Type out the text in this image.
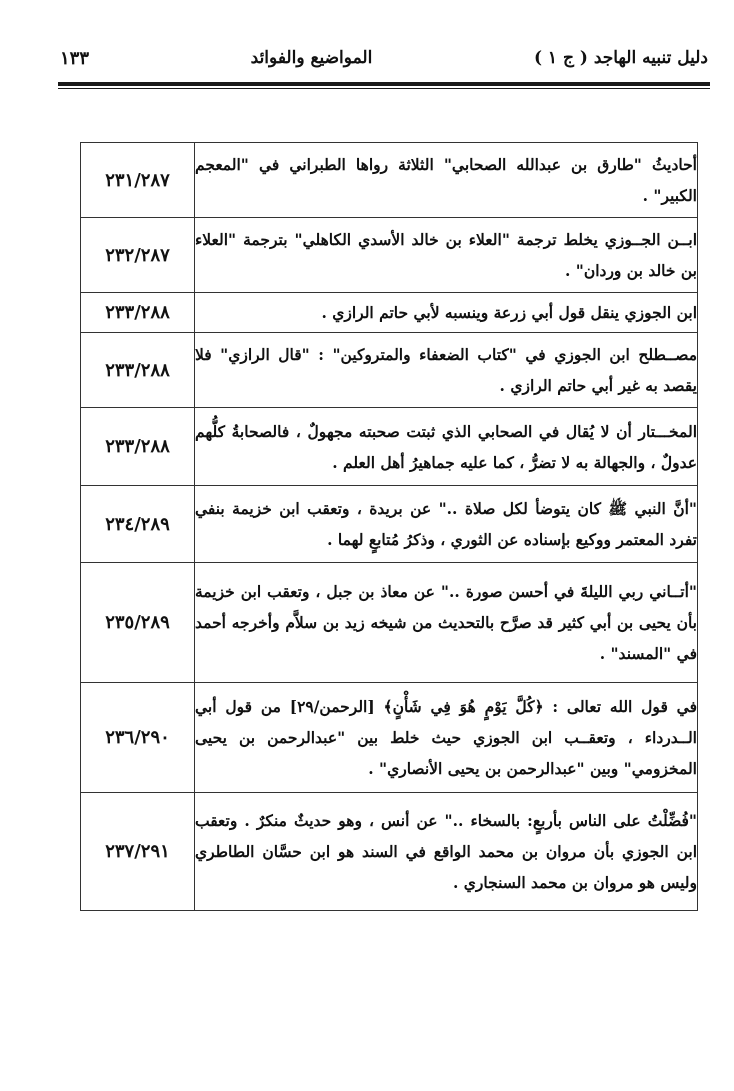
دليل تنبيه الهاجد ( ج ١ )
المواضيع والفوائد
١٣٣
أحاديثُ "طارق بن عبدالله الصحابي" الثلاثة رواها الطبراني في "المعجم الكبير" .	٢٣١/٢٨٧
ابــن الجــوزي يخلط ترجمة "العلاء بن خالد الأسدي الكاهلي" بترجمة "العلاء بن خالد بن وردان" .	٢٣٢/٢٨٧
ابن الجوزي ينقل قول أبي زرعة وينسبه لأبي حاتم الرازي .	٢٣٣/٢٨٨
مصــطلح ابن الجوزي في "كتاب الضعفاء والمتروكين" : "قال الرازي" فلا يقصد به غير أبي حاتم الرازي .	٢٣٣/٢٨٨
المخـــتار أن لا يُقال في الصحابي الذي ثبتت صحبته مجهولٌ ، فالصحابةُ كلُّهم عدولٌ ، والجهالة به لا تضرُّ ، كما عليه جماهيرُ أهل العلم .	٢٣٣/٢٨٨
"أنَّ النبي ﷺ كان يتوضأ لكل صلاة .." عن بريدة ، وتعقب ابن خزيمة بنفي تفرد المعتمر ووكيع بإسناده عن الثوري ، وذكرُ مُتابعٍ لهما .	٢٣٤/٢٨٩
"أتــاني ربي الليلةَ في أحسن صورة .." عن معاذ بن جبل ، وتعقب ابن خزيمة بأن يحيى بن أبي كثير قد صرَّح بالتحديث من شيخه زيد بن سلاَّم وأخرجه أحمد في "المسند" .	٢٣٥/٢٨٩
في قول الله تعالى : ﴿كُلَّ يَوْمٍ هُوَ فِي شَأْنٍ﴾ [الرحمن/٢٩] من قول أبي الــدرداء ، وتعقــب ابن الجوزي حيث خلط بين "عبدالرحمن بن يحيى المخزومي" وبين "عبدالرحمن بن يحيى الأنصاري" .	٢٣٦/٢٩٠
"فُضِّلْتُ على الناس بأربعٍ: بالسخاء .." عن أنس ، وهو حديثٌ منكرٌ . وتعقب ابن الجوزي بأن مروان بن محمد الواقع في السند هو ابن حسَّان الطاطري وليس هو مروان بن محمد السنجاري .	٢٣٧/٢٩١
